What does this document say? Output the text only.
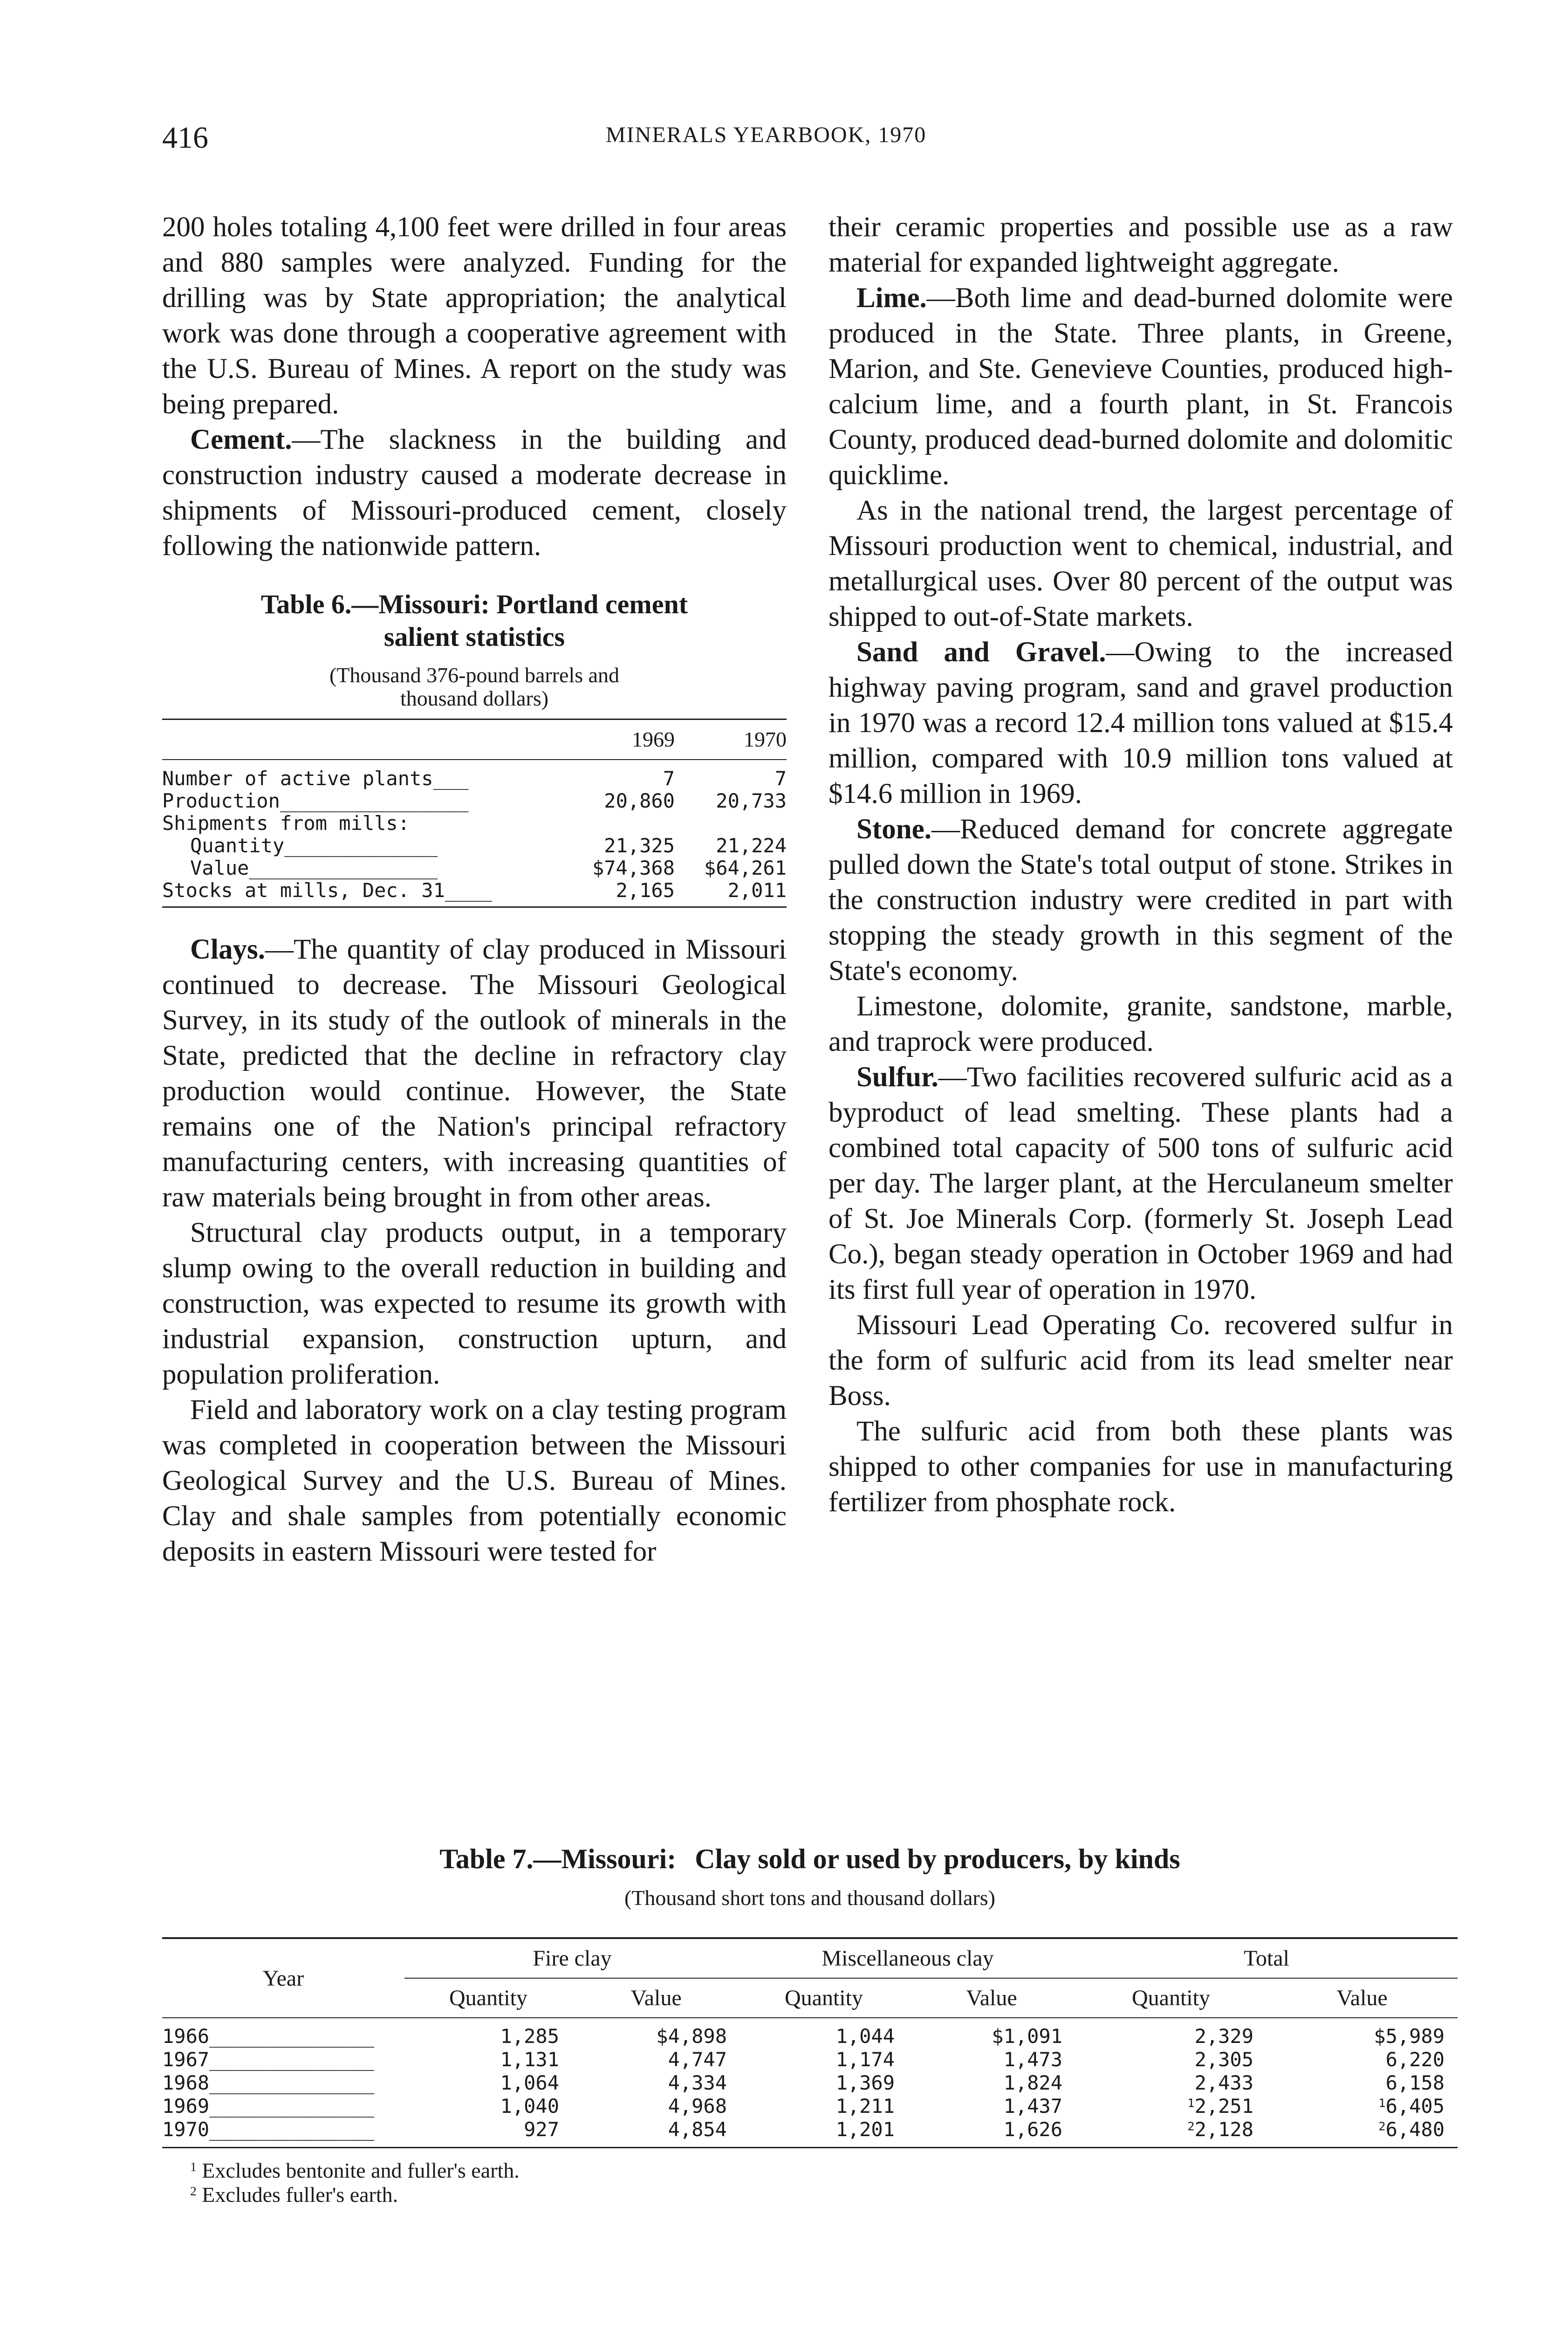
416	MINERALS YEARBOOK, 1970

200 holes totaling 4,100 feet were drilled in four areas and 880 samples were analyzed. Funding for the drilling was by State appropriation; the analytical work was done through a cooperative agreement with the U.S. Bureau of Mines. A report on the study was being prepared.

Cement.—The slackness in the building and construction industry caused a moderate decrease in shipments of Missouri-produced cement, closely following the nationwide pattern.

Table 6.—Missouri: Portland cement
salient statistics
(Thousand 376-pound barrels and
thousand dollars)
	1969	1970
Number of active plants___	7	7
Production________________	20,860	20,733
Shipments from mills:		
Quantity_____________	21,325	21,224
Value________________	$74,368	$64,261
Stocks at mills, Dec. 31____	2,165	2,011

Clays.—The quantity of clay produced in Missouri continued to decrease. The Missouri Geological Survey, in its study of the outlook of minerals in the State, predicted that the decline in refractory clay production would continue. However, the State remains one of the Nation's principal refractory manufacturing centers, with increasing quantities of raw materials being brought in from other areas.

Structural clay products output, in a temporary slump owing to the overall reduction in building and construction, was expected to resume its growth with industrial expansion, construction upturn, and population proliferation.

Field and laboratory work on a clay testing program was completed in cooperation between the Missouri Geological Survey and the U.S. Bureau of Mines. Clay and shale samples from potentially economic deposits in eastern Missouri were tested for

their ceramic properties and possible use as a raw material for expanded lightweight aggregate.

Lime.—Both lime and dead-burned dolomite were produced in the State. Three plants, in Greene, Marion, and Ste. Genevieve Counties, produced high-calcium lime, and a fourth plant, in St. Francois County, produced dead-burned dolomite and dolomitic quicklime.

As in the national trend, the largest percentage of Missouri production went to chemical, industrial, and metallurgical uses. Over 80 percent of the output was shipped to out-of-State markets.

Sand and Gravel.—Owing to the increased highway paving program, sand and gravel production in 1970 was a record 12.4 million tons valued at $15.4 million, compared with 10.9 million tons valued at $14.6 million in 1969.

Stone.—Reduced demand for concrete aggregate pulled down the State's total output of stone. Strikes in the construction industry were credited in part with stopping the steady growth in this segment of the State's economy.

Limestone, dolomite, granite, sandstone, marble, and traprock were produced.

Sulfur.—Two facilities recovered sulfuric acid as a byproduct of lead smelting. These plants had a combined total capacity of 500 tons of sulfuric acid per day. The larger plant, at the Herculaneum smelter of St. Joe Minerals Corp. (formerly St. Joseph Lead Co.), began steady operation in October 1969 and had its first full year of operation in 1970.

Missouri Lead Operating Co. recovered sulfur in the form of sulfuric acid from its lead smelter near Boss.

The sulfuric acid from both these plants was shipped to other companies for use in manufacturing fertilizer from phosphate rock.

Table 7.—Missouri: Clay sold or used by producers, by kinds
(Thousand short tons and thousand dollars)
Year	Fire clay		Miscellaneous clay		Total	
	Quantity	Value	Quantity	Value	Quantity	Value
1966______________	1,285	$4,898	1,044	$1,091	2,329	$5,989
1967______________	1,131	4,747	1,174	1,473	2,305	6,220
1968______________	1,064	4,334	1,369	1,824	2,433	6,158
1969______________	1,040	4,968	1,211	1,437	$^1$2,251	$^1$6,405
1970______________	927	4,854	1,201	1,626	$^2$2,128	$^2$6,480
$^1$ Excludes bentonite and fuller's earth.
$^2$ Excludes fuller's earth.
